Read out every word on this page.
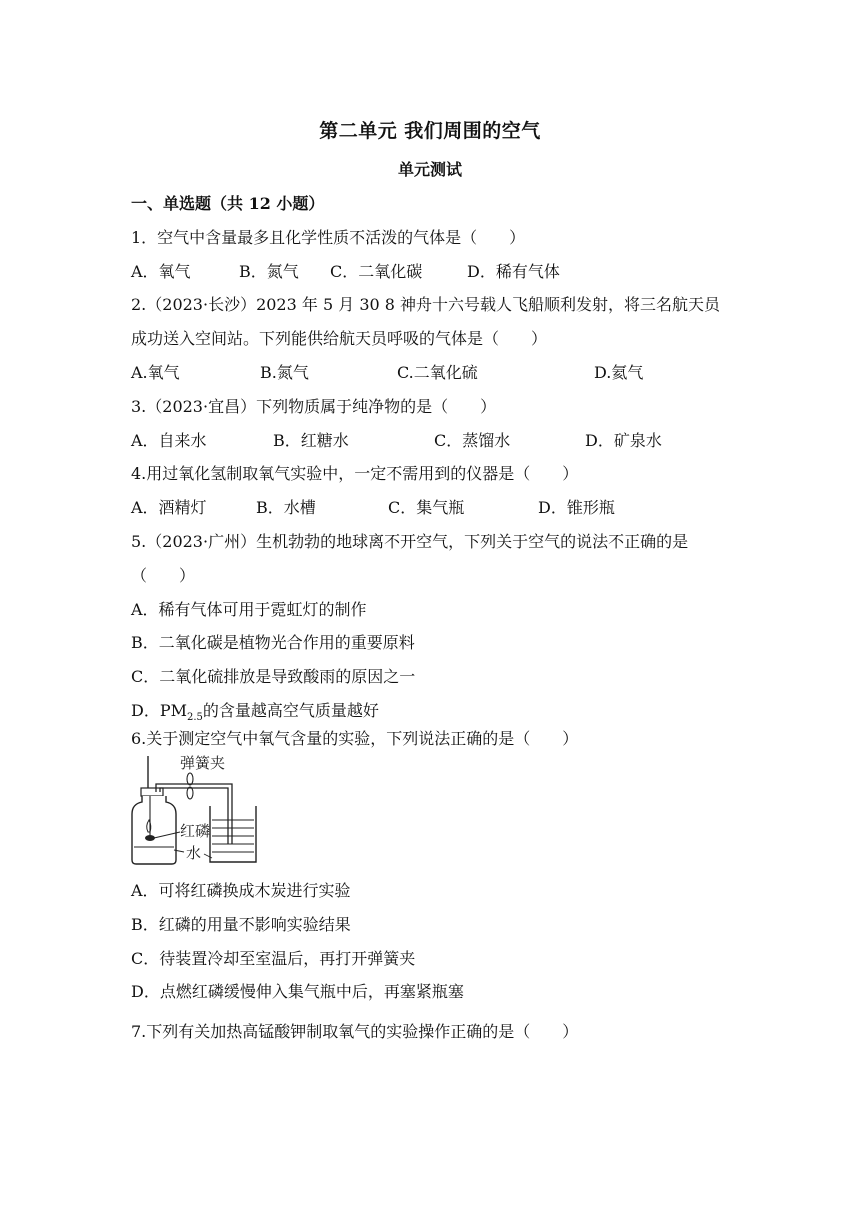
第二单元 我们周围的空气
单元测试
一、单选题（共 12 小题）
1．空气中含量最多且化学性质不活泼的气体是（　　）
A．氧气	B．氮气 C．二氧化碳	D．稀有气体
2.（2023·长沙）2023 年 5 月 30 8 神舟十六号载人飞船顺利发射，将三名航天员
成功送入空间站。下列能供给航天员呼吸的气体是（　　）
A.氧气	B.氮气	C.二氧化硫	D.氦气
3.（2023·宜昌）下列物质属于纯净物的是（　　）
A．自来水	B．红糖水	C．蒸馏水	D．矿泉水
4.用过氧化氢制取氧气实验中，一定不需用到的仪器是（　　）
A．酒精灯	B．水槽	C．集气瓶	D．锥形瓶
5.（2023·广州）生机勃勃的地球离不开空气，下列关于空气的说法不正确的是
（　　）
A．稀有气体可用于霓虹灯的制作
B．二氧化碳是植物光合作用的重要原料
C．二氧化硫排放是导致酸雨的原因之一
D．$PM_{2.5}$的含量越高空气质量越好
6.关于测定空气中氧气含量的实验，下列说法正确的是（　　）
弹簧夹
红磷
水
A．可将红磷换成木炭进行实验
B．红磷的用量不影响实验结果
C．待装置冷却至室温后，再打开弹簧夹
D．点燃红磷缓慢伸入集气瓶中后，再塞紧瓶塞
7.下列有关加热高锰酸钾制取氧气的实验操作正确的是（　　）
